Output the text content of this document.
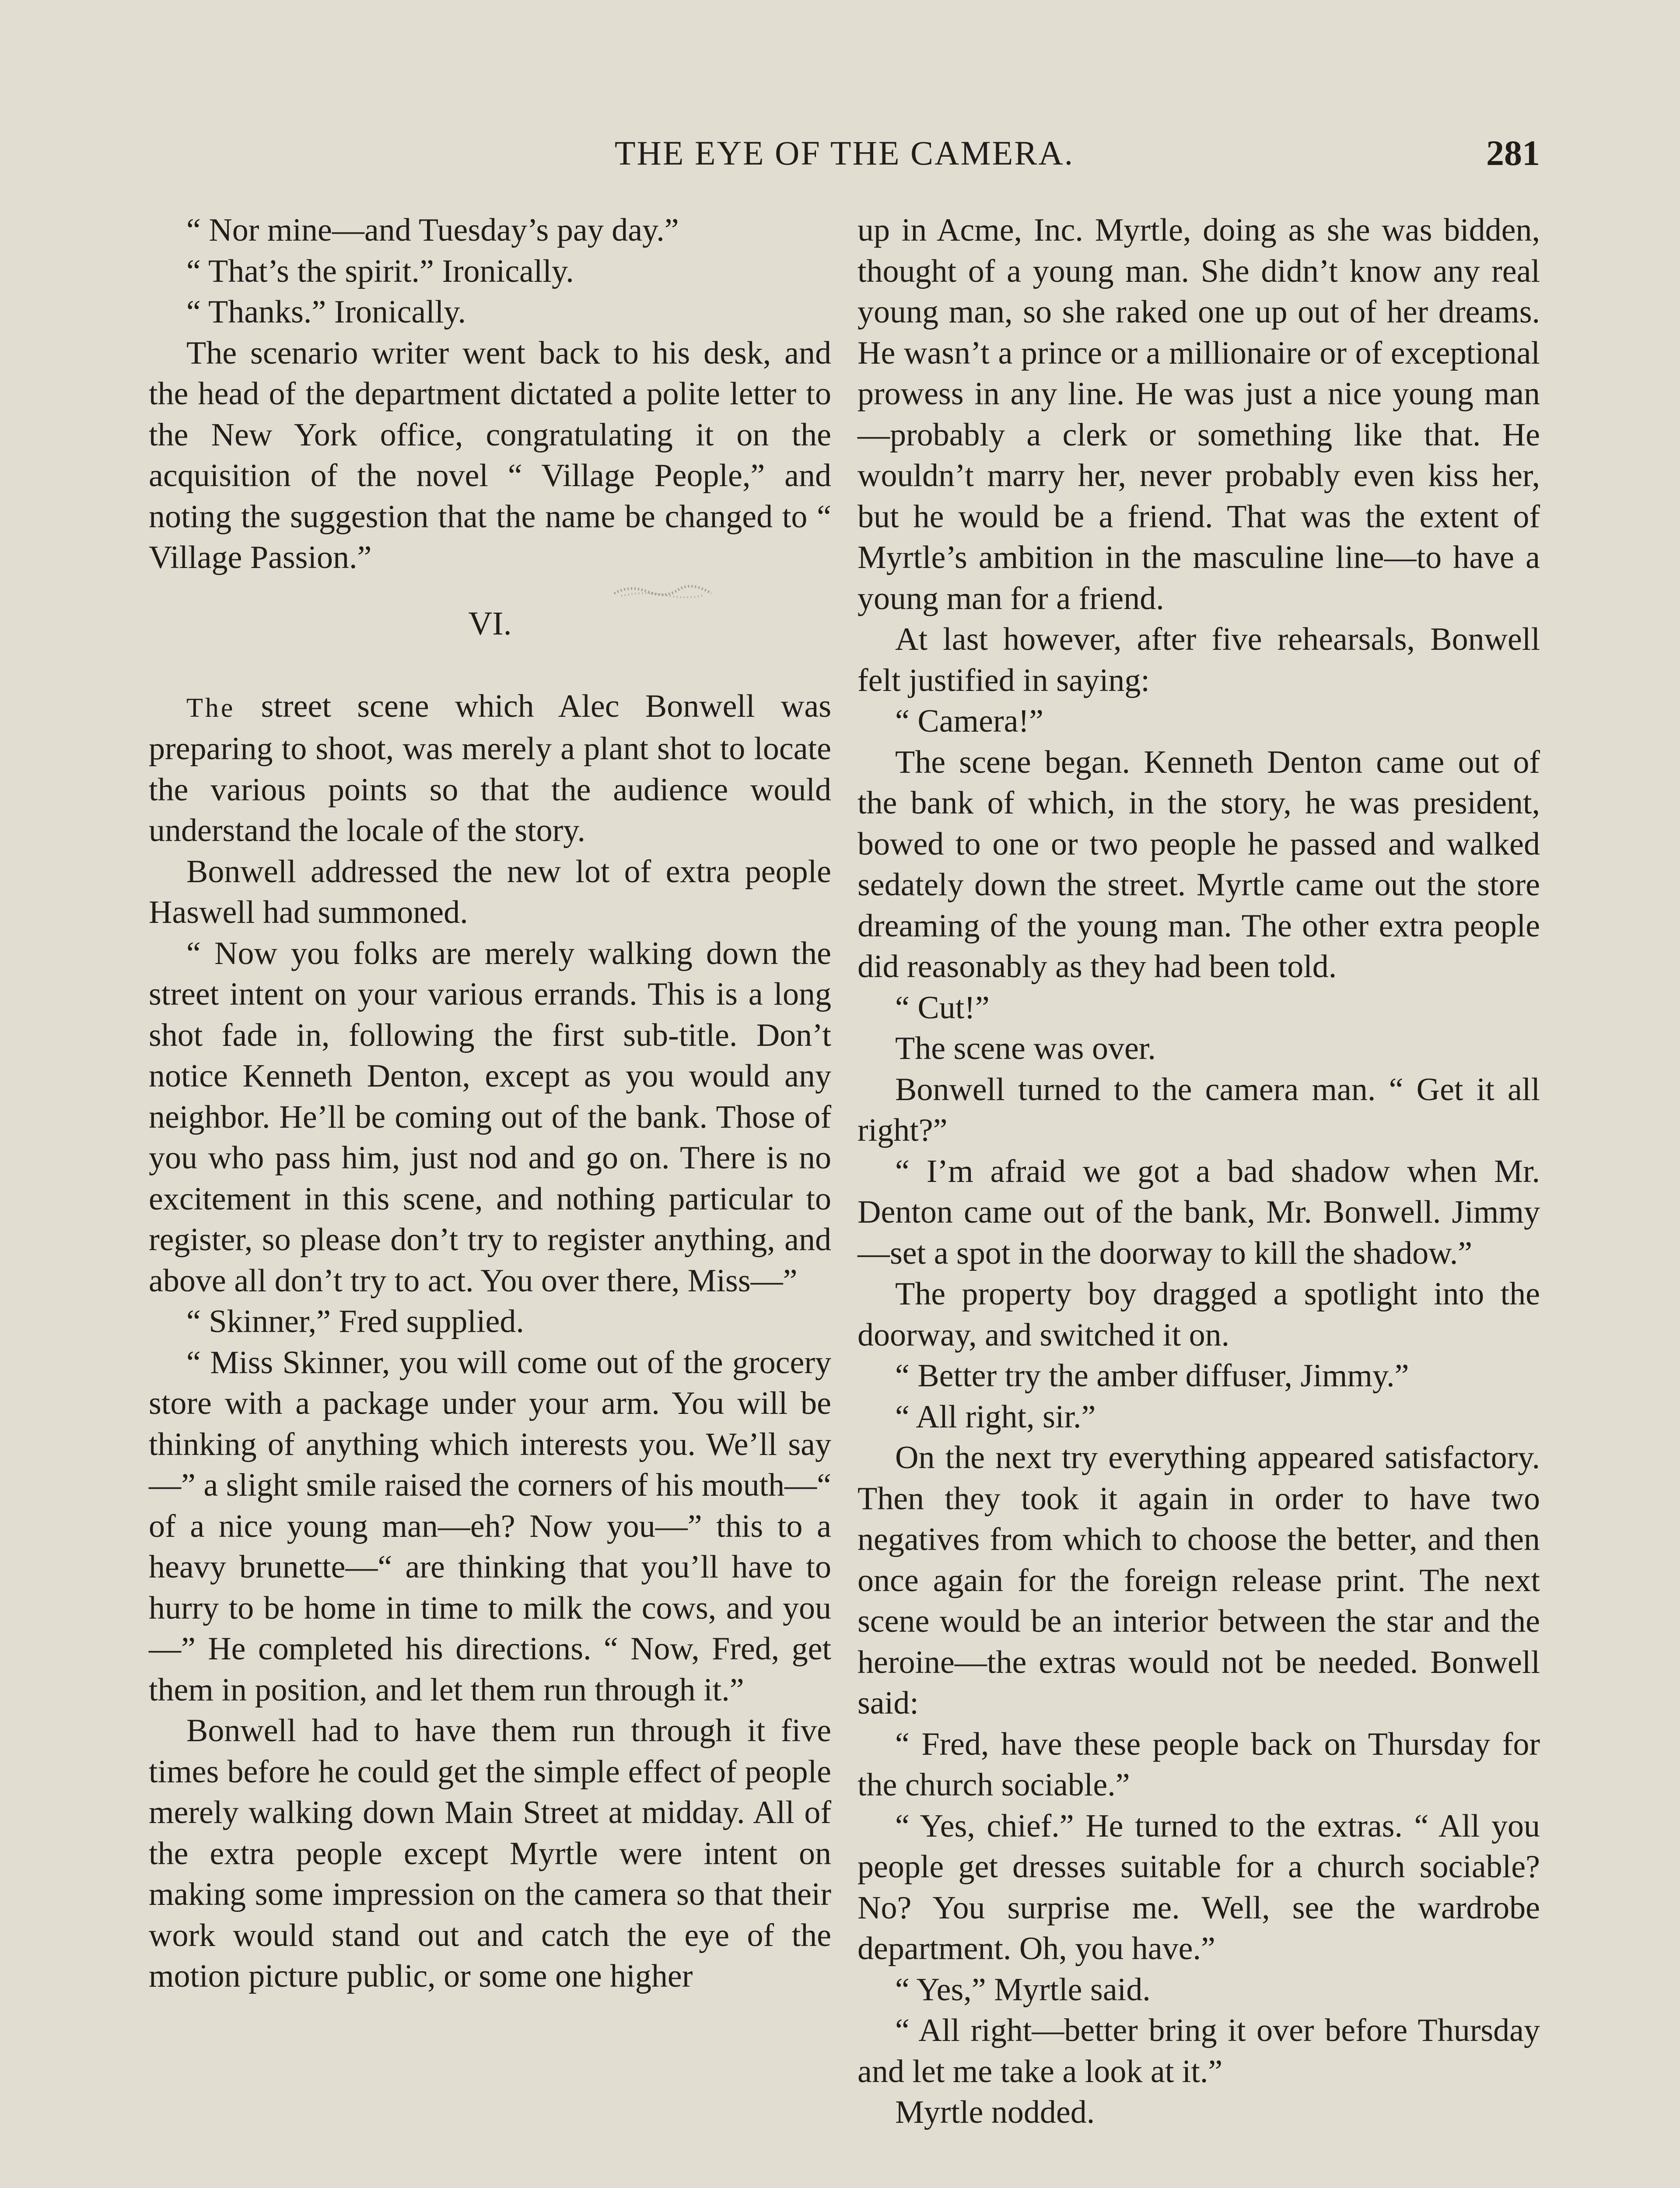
THE EYE OF THE CAMERA.	281

“ Nor mine—and Tuesday’s pay day.”

“ That’s the spirit.” Ironically.

“ Thanks.” Ironically.

The scenario writer went back to his desk, and the head of the department dictated a polite letter to the New York office, congratulating it on the acquisition of the novel “ Village People,” and noting the suggestion that the name be changed to “ Village Passion.”

VI.

The street scene which Alec Bonwell was preparing to shoot, was merely a plant shot to locate the various points so that the audience would understand the locale of the story.

Bonwell addressed the new lot of extra people Haswell had summoned.

“ Now you folks are merely walking down the street intent on your various errands. This is a long shot fade in, following the first sub-title. Don’t notice Kenneth Denton, except as you would any neighbor. He’ll be coming out of the bank. Those of you who pass him, just nod and go on. There is no excitement in this scene, and nothing particular to register, so please don’t try to register anything, and above all don’t try to act. You over there, Miss—”

“ Skinner,” Fred supplied.

“ Miss Skinner, you will come out of the grocery store with a package under your arm. You will be thinking of anything which interests you. We’ll say—” a slight smile raised the corners of his mouth—“ of a nice young man—eh? Now you—” this to a heavy brunette—“ are thinking that you’ll have to hurry to be home in time to milk the cows, and you—” He completed his directions. “ Now, Fred, get them in position, and let them run through it.”

Bonwell had to have them run through it five times before he could get the simple effect of people merely walking down Main Street at midday. All of the extra people except Myrtle were intent on making some impression on the camera so that their work would stand out and catch the eye of the motion picture public, or some one higher

up in Acme, Inc. Myrtle, doing as she was bidden, thought of a young man. She didn’t know any real young man, so she raked one up out of her dreams. He wasn’t a prince or a millionaire or of exceptional prowess in any line. He was just a nice young man—probably a clerk or something like that. He wouldn’t marry her, never probably even kiss her, but he would be a friend. That was the extent of Myrtle’s ambition in the masculine line—to have a young man for a friend.

At last however, after five rehearsals, Bonwell felt justified in saying:

“ Camera!”

The scene began. Kenneth Denton came out of the bank of which, in the story, he was president, bowed to one or two people he passed and walked sedately down the street. Myrtle came out the store dreaming of the young man. The other extra people did reasonably as they had been told.

“ Cut!”

The scene was over.

Bonwell turned to the camera man. “ Get it all right?”

“ I’m afraid we got a bad shadow when Mr. Denton came out of the bank, Mr. Bonwell. Jimmy—set a spot in the doorway to kill the shadow.”

The property boy dragged a spotlight into the doorway, and switched it on.

“ Better try the amber diffuser, Jimmy.”

“ All right, sir.”

On the next try everything appeared satisfactory. Then they took it again in order to have two negatives from which to choose the better, and then once again for the foreign release print. The next scene would be an interior between the star and the heroine—the extras would not be needed. Bonwell said:

“ Fred, have these people back on Thursday for the church sociable.”

“ Yes, chief.” He turned to the extras. “ All you people get dresses suitable for a church sociable? No? You surprise me. Well, see the wardrobe department. Oh, you have.”

“ Yes,” Myrtle said.

“ All right—better bring it over before Thursday and let me take a look at it.”

Myrtle nodded.
